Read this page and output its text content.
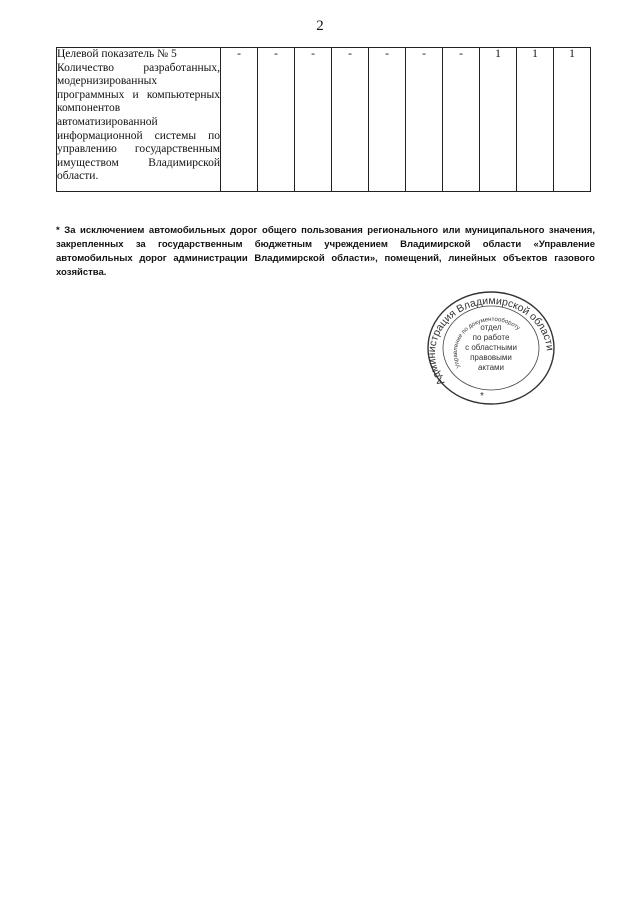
2
Целевой показатель № 5
Количество разработанных,
модернизированных
программных и компьютерных
компонентов
автоматизированной
информационной системы по
управлению государственным
имуществом Владимирской
области.
	-	-	-	-	-	-	-	1	1	1
* За исключением автомобильных дорог общего пользования регионального или муниципального значения, закрепленных за государственным бюджетным учреждением Владимирской области «Управление автомобильных дорог администрации Владимирской области», помещений, линейных объектов газового хозяйства.
Администрация Владимирской области
Управление по документообороту
отдел
по работе
с областными
правовыми
актами
*
